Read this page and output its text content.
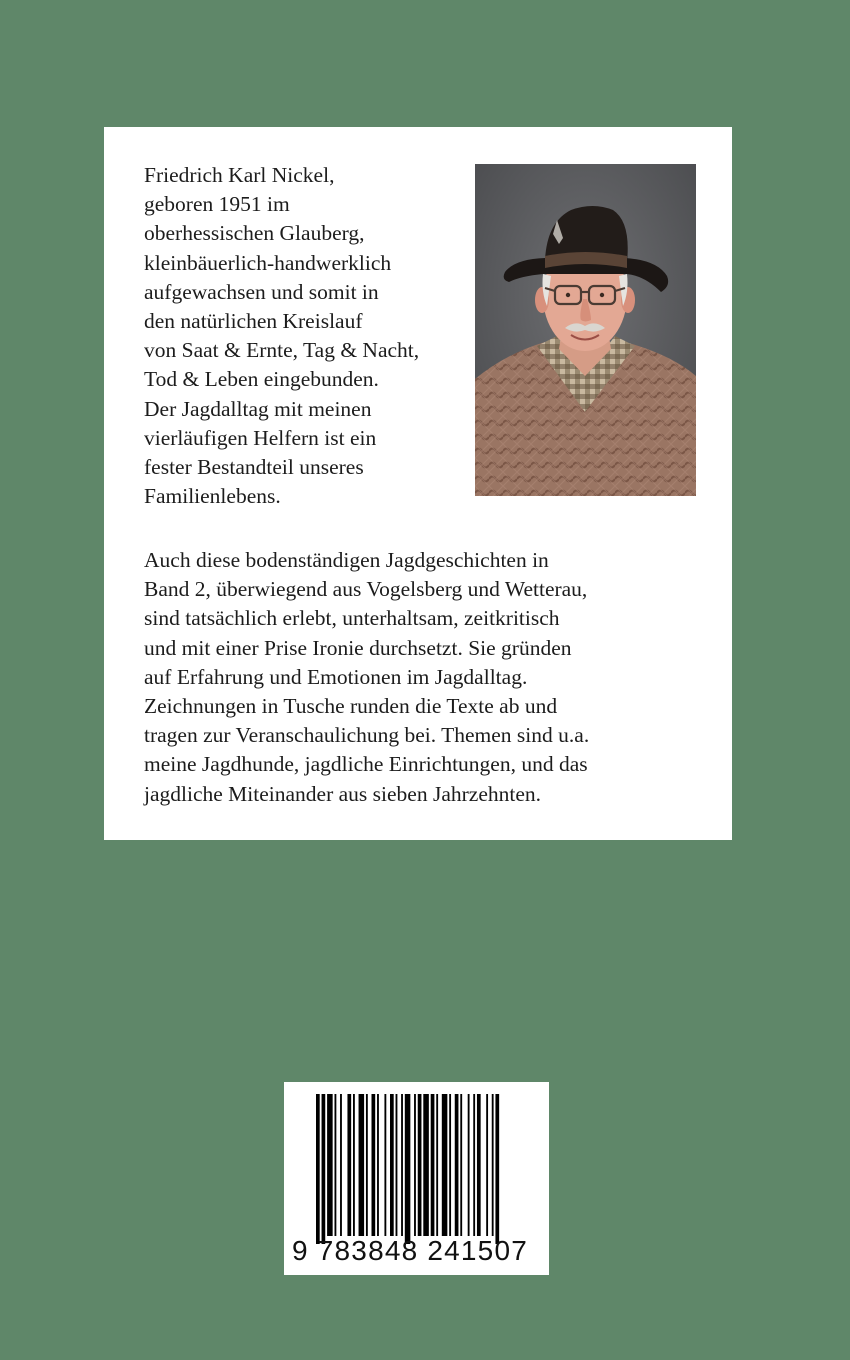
Friedrich Karl Nickel,
geboren 1951 im
oberhessischen Glauberg,
kleinbäuerlich-handwerklich
aufgewachsen und somit in
den natürlichen Kreislauf
von Saat & Ernte, Tag & Nacht,
Tod & Leben eingebunden.
Der Jagdalltag mit meinen
vierläufigen Helfern ist ein
fester Bestandteil unseres
Familienlebens.
Auch diese bodenständigen Jagdgeschichten in
Band 2, überwiegend aus Vogelsberg und Wetterau,
sind tatsächlich erlebt, unterhaltsam, zeitkritisch
und mit einer Prise Ironie durchsetzt. Sie gründen
auf Erfahrung und Emotionen im Jagdalltag.
Zeichnungen in Tusche runden die Texte ab und
tragen zur Veranschaulichung bei. Themen sind u.a.
meine Jagdhunde, jagdliche Einrichtungen, und das
jagdliche Miteinander aus sieben Jahrzehnten.
9 783848 241507
